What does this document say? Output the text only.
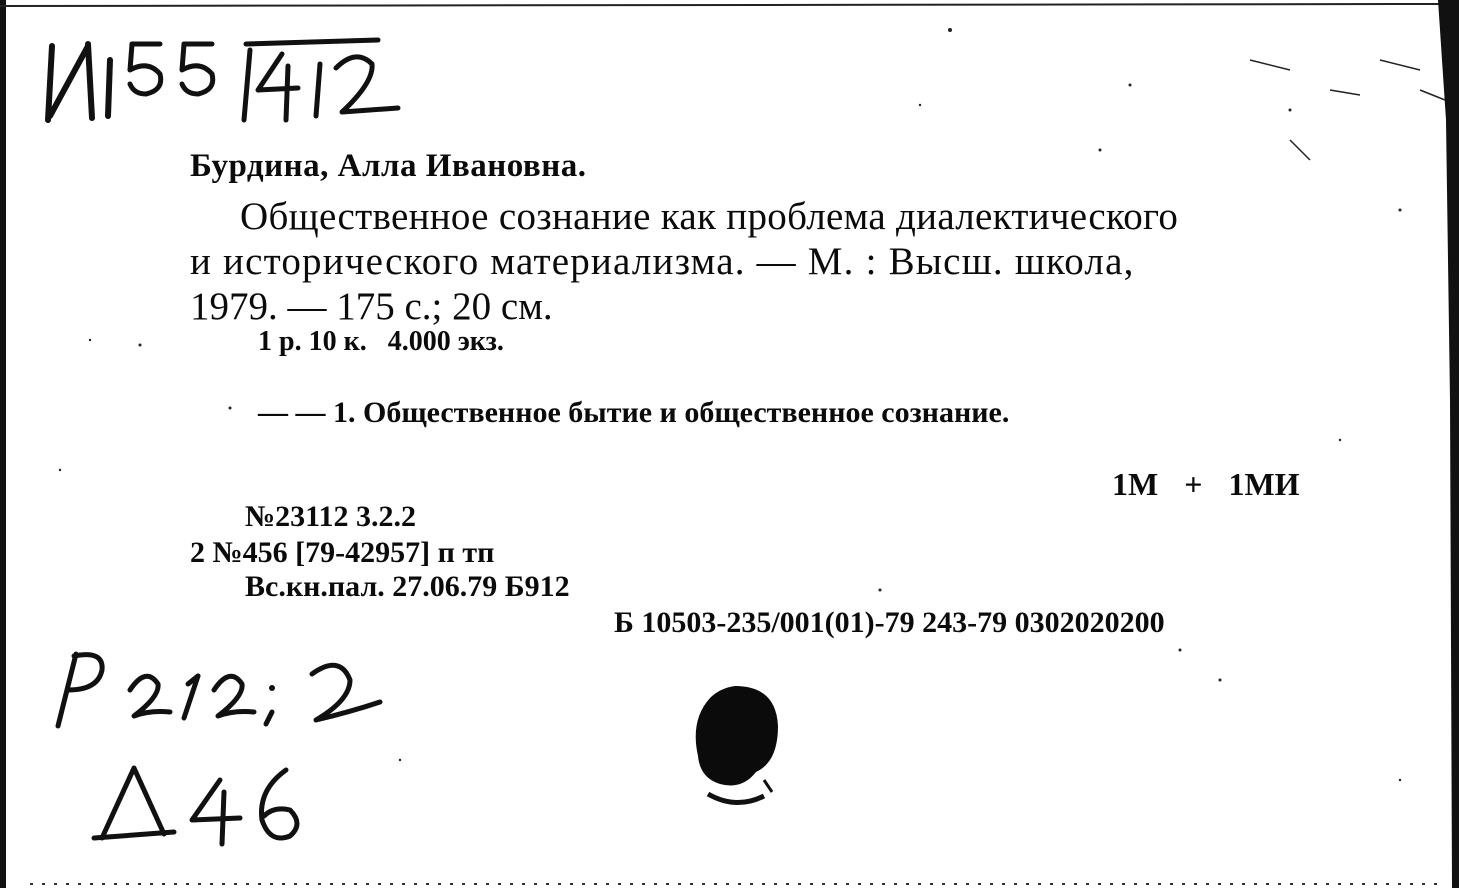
Бурдина, Алла Ивановна.
Общественное сознание как проблема диалектического
и исторического материализма. — М. : Высш. школа,
1979. — 175 с.; 20 см.
1 р. 10 к.   4.000 экз.
— — 1. Общественное бытие и общественное сознание.
1М + 1МИ
№23112 3.2.2
2 №456 [79-42957] п тп
Вс.кн.пал. 27.06.79 Б912
Б 10503-235/001(01)-79 243-79 0302020200
